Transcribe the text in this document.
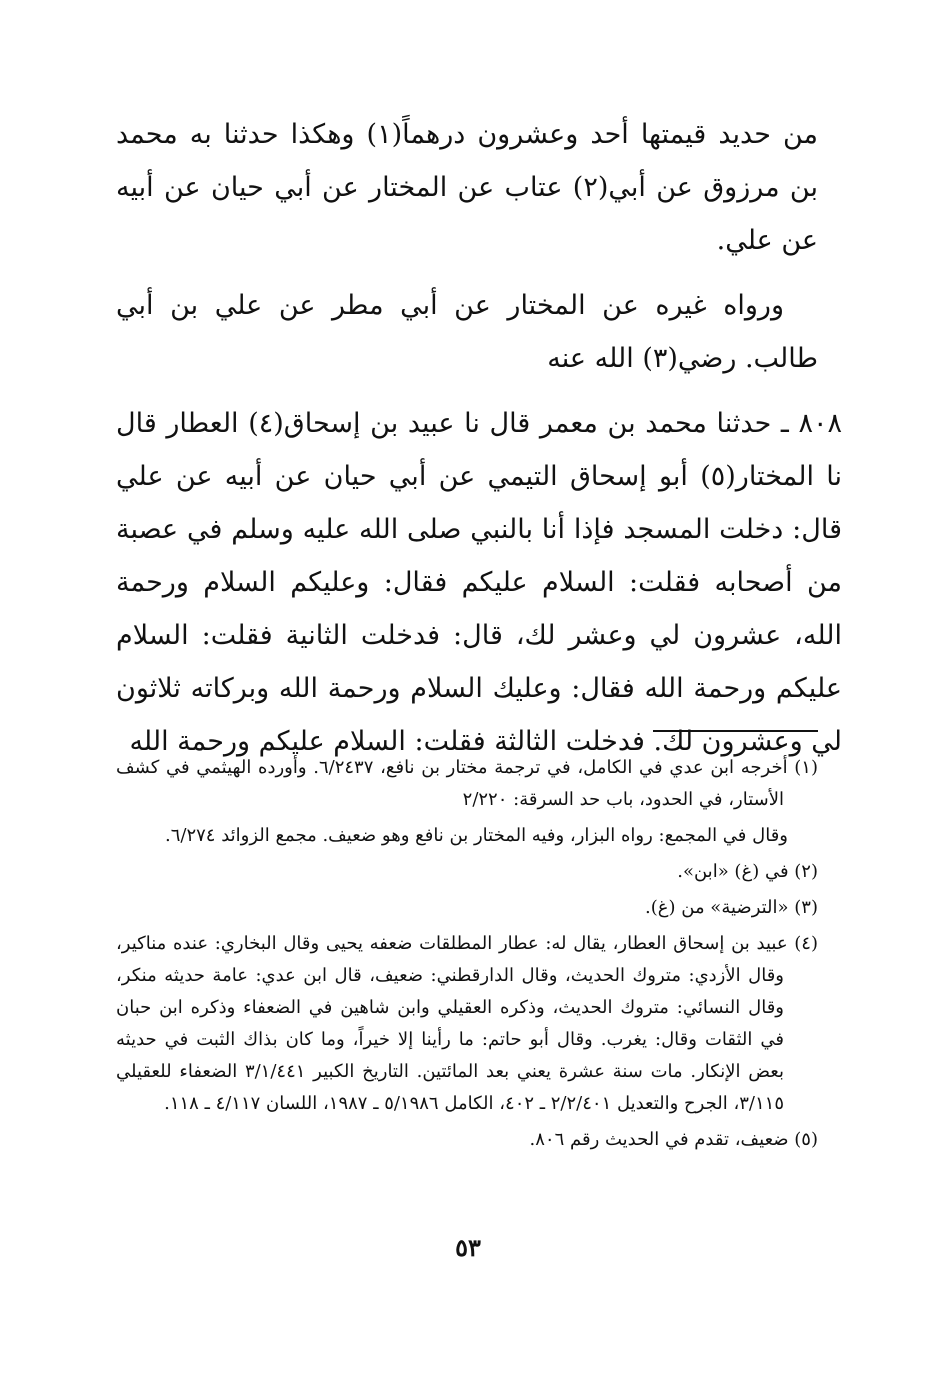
من حديد قيمتها أحد وعشرون درهماً(١) وهكذا حدثنا به محمد بن مرزوق عن أبي(٢) عتاب عن المختار عن أبي حيان عن أبيه عن علي.

ورواه غيره عن المختار عن أبي مطر عن علي بن أبي طالب. رضي(٣) الله عنه

٨٠٨ ـ حدثنا محمد بن معمر قال نا عبيد بن إسحاق(٤) العطار قال نا المختار(٥) أبو إسحاق التيمي عن أبي حيان عن أبيه عن علي قال: دخلت المسجد فإذا أنا بالنبي صلى الله عليه وسلم في عصبة من أصحابه فقلت: السلام عليكم فقال: وعليكم السلام ورحمة الله، عشرون لي وعشر لك، قال: فدخلت الثانية فقلت: السلام عليكم ورحمة الله فقال: وعليك السلام ورحمة الله وبركاته ثلاثون لي وعشرون لك. فدخلت الثالثة فقلت: السلام عليكم ورحمة الله

(١) أخرجه ابن عدي في الكامل، في ترجمة مختار بن نافع، ٦/٢٤٣٧. وأورده الهيثمي في كشف الأستار، في الحدود، باب حد السرقة: ٢/٢٢٠

وقال في المجمع: رواه البزار، وفيه المختار بن نافع وهو ضعيف. مجمع الزوائد ٦/٢٧٤.

(٢) في (غ) «ابن».

(٣) «الترضية» من (غ).

(٤) عبيد بن إسحاق العطار، يقال له: عطار المطلقات ضعفه يحيى وقال البخاري: عنده مناكير، وقال الأزدي: متروك الحديث، وقال الدارقطني: ضعيف، قال ابن عدي: عامة حديثه منكر، وقال النسائي: متروك الحديث، وذكره العقيلي وابن شاهين في الضعفاء وذكره ابن حبان في الثقات وقال: يغرب. وقال أبو حاتم: ما رأينا إلا خيراً، وما كان بذاك الثبت في حديثه بعض الإنكار. مات سنة عشرة يعني بعد المائتين. التاريخ الكبير ٣/١/٤٤١ الضعفاء للعقيلي ٣/١١٥، الجرح والتعديل ٢/٢/٤٠١ ـ ٤٠٢، الكامل ٥/١٩٨٦ ـ ١٩٨٧، اللسان ٤/١١٧ ـ ١١٨.

(٥) ضعيف، تقدم في الحديث رقم ٨٠٦.

٥٣
